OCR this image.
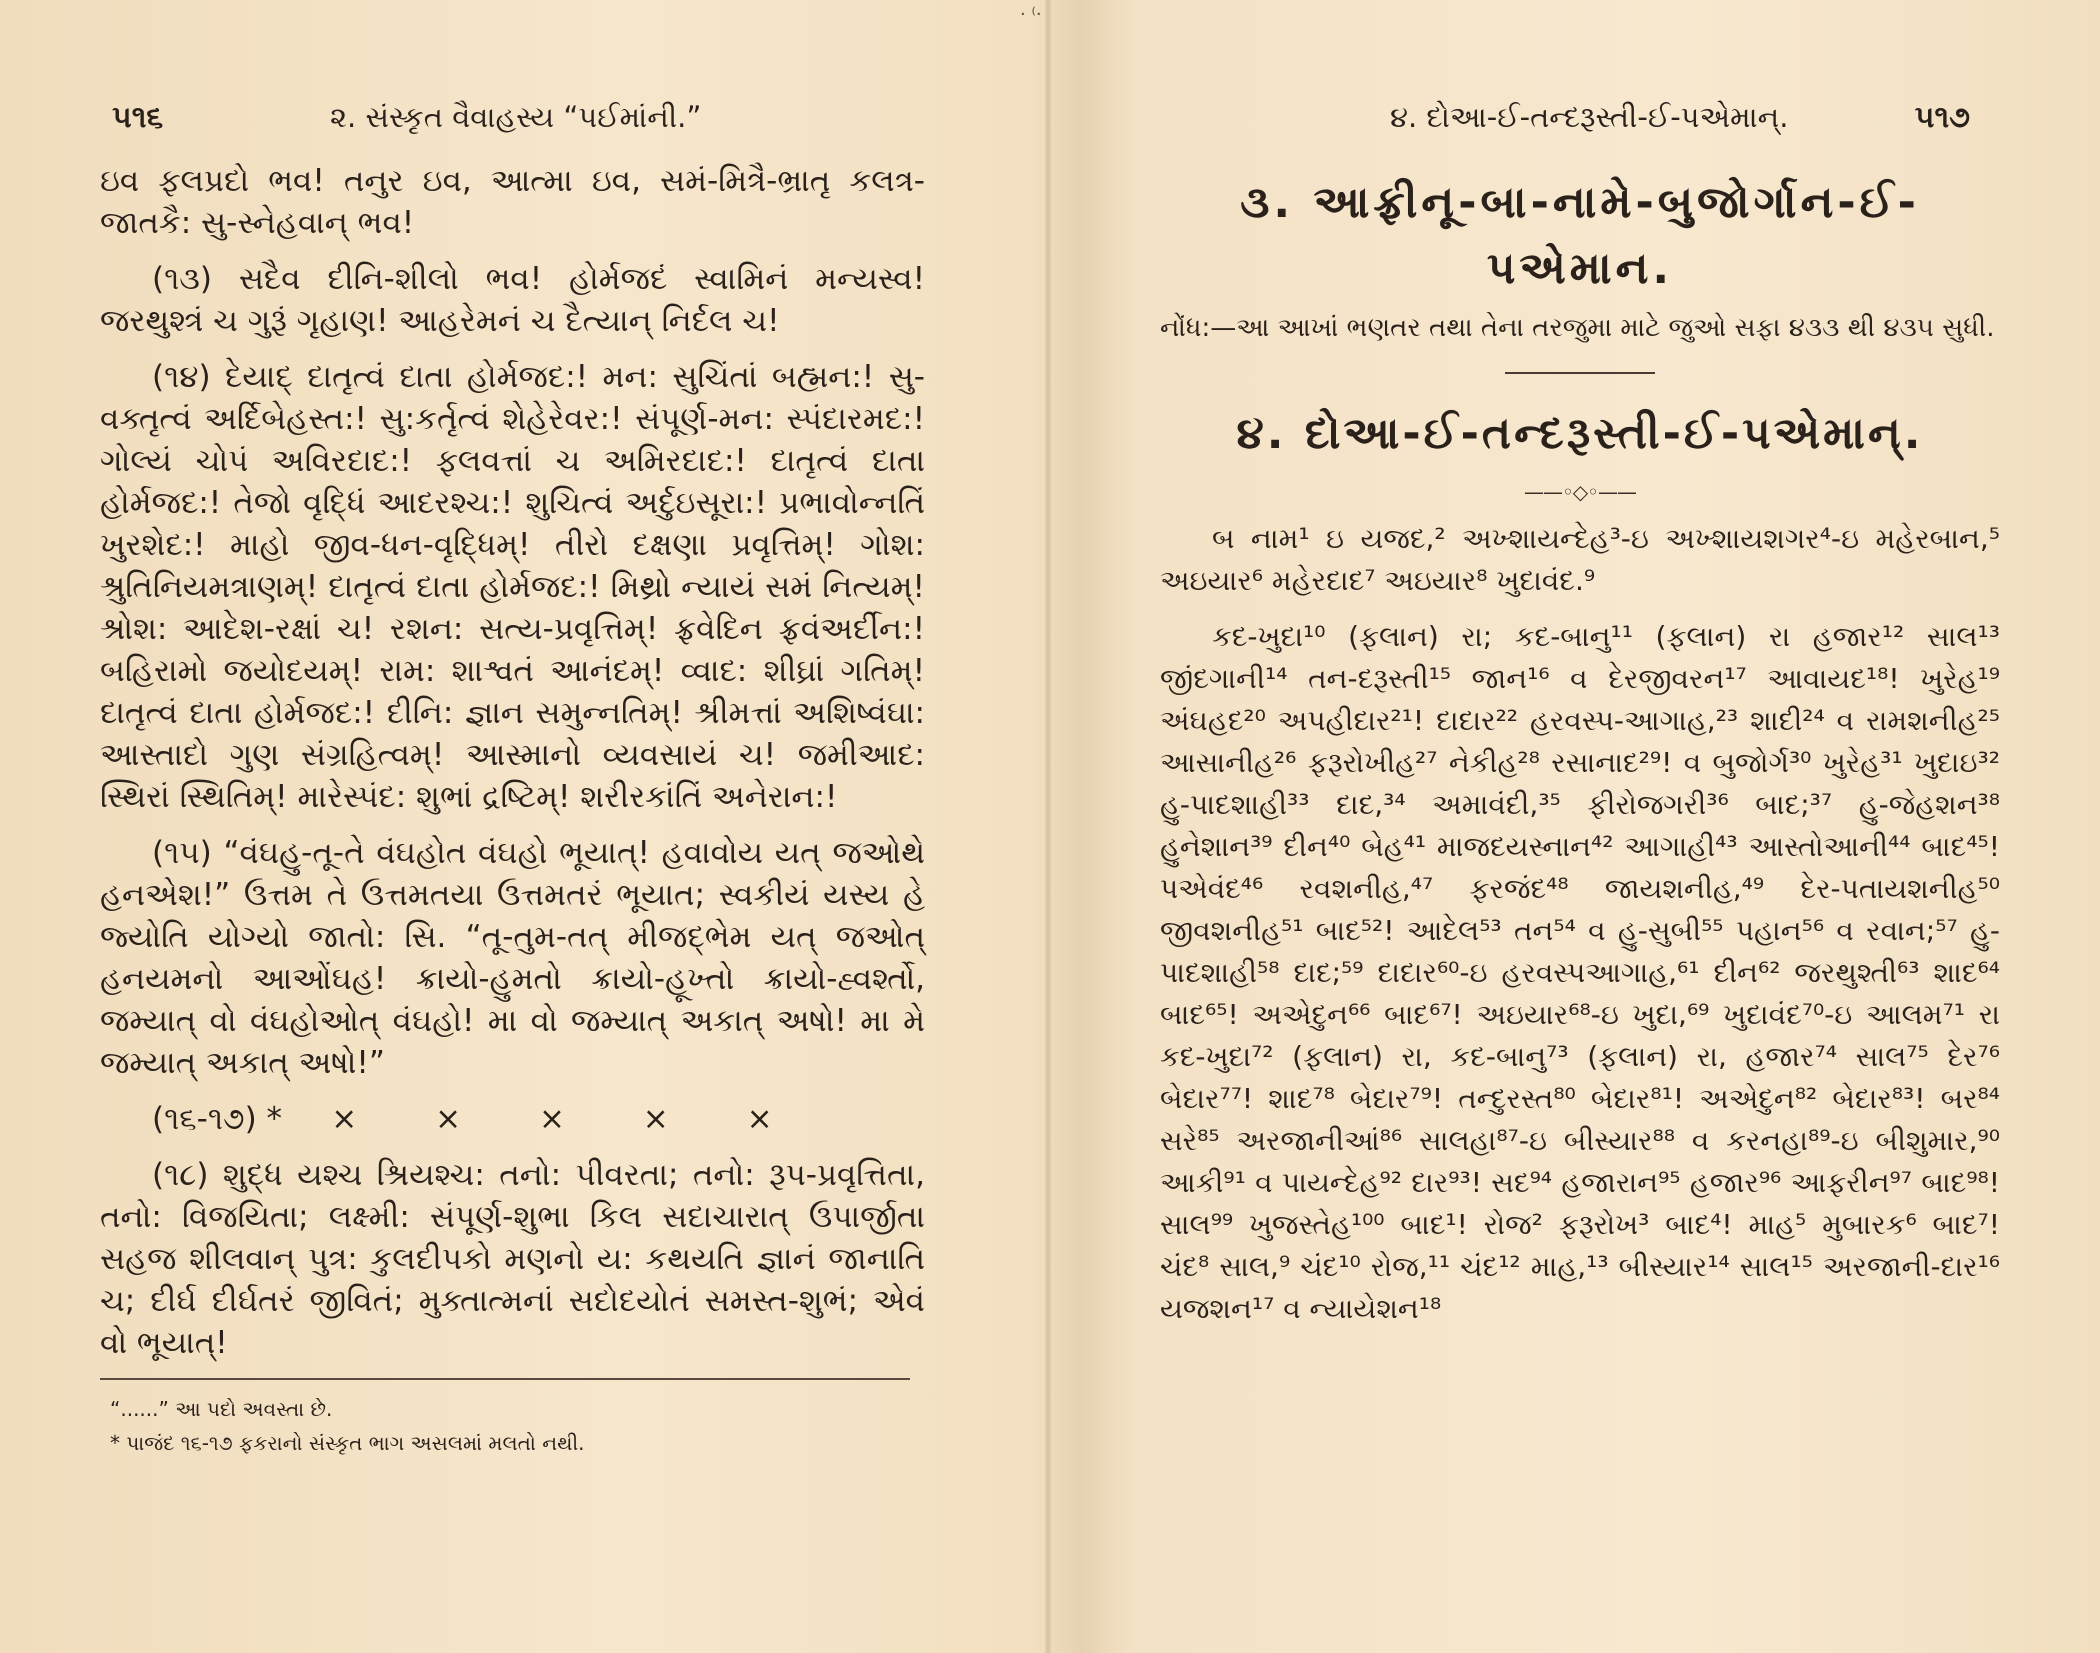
· ⁽·
૫૧૬	૨. સંસ્કૃત વૈવાહસ્ય “પઈમાંની.”

ઇવ ફલપ્રદો ભવ! તનુર ઇવ, આત્મા ઇવ, સમં-મિત્રૈ-ભ્રાતૃ કલત્ર-જાતકૈ: સુ-સ્નેહવાન્ ભવ!

(૧૩) સદૈવ દીનિ-શીલો ભવ! હોર્મજદં સ્વામિનં મન્યસ્વ! જરથુશ્ત્રં ચ ગુરૂં ગૃહાણ! આહરેમનં ચ દૈત્યાન્ નિર્દલ ચ!

(૧૪) દેયાદ્ દાતૃત્વં દાતા હોર્મજદ:! મન: સુચિંતાં બહ્મન:! સુ-વક્તૃત્વં અર્દિબેહસ્ત:! સુ:કર્તૃત્વં શેહેરેવર:! સંપૂર્ણ-મન: સ્પંદારમદ:! ગોલ્યં ચોપં અવિરદાદ:! ફલવત્તાં ચ અમિરદાદ:! દાતૃત્વં દાતા હોર્મજદ:! તેજો વૃદ્ધિં આદરશ્ચ:! શુચિત્વં અર્દુઇસૂરા:! પ્રભાવોન્નતિં ખુરશેદ:! માહો જીવ-ધન-વૃદ્ધિમ્! તીરો દક્ષણા પ્રવૃત્તિમ્! ગોશ: શ્રુતિનિયમત્રાણમ્! દાતૃત્વં દાતા હોર્મજદ:! મિથ્રો ન્યાયં સમં નિત્યમ્! શ્રોશ: આદેશ-રક્ષાં ચ! રશન: સત્ય-પ્રવૃત્તિમ્! ફ્રવેદિન ફ્રવંઅર્દીન:! બહિરામો જયોદયમ્! રામ: શાશ્વતં આનંદમ્! વ્વાદ: શીઘ્રાં ગતિમ્! દાતૃત્વં દાતા હોર્મજદ:! દીનિ: જ્ઞાન સમુન્નતિમ્! શ્રીમત્તાં અશિષ્વંઘા: આસ્તાદો ગુણ સંગ્રહિત્વમ્! આસ્માનો વ્યવસાયં ચ! જમીઆદ: સ્થિરાં સ્થિતિમ્! મારેસ્પંદ: શુભાં દ્રષ્ટિમ્! શરીરકાંતિં અનેરાન:!

(૧૫) “વંઘહુ-તૂ-તે વંઘહોત વંઘહો ભૂયાત્! હવાવોય યત્ જઓથે હનએશ!” ઉત્તમ તે ઉત્તમતયા ઉત્તમતરં ભૂયાત; સ્વકીયં યસ્ય હે જ્યોતિ યોગ્યો જાતો: સિ. “તૂ-તુમ-તત્ મીજદ્ભેમ યત્ જઓત્ હનયમનો આઓંઘહ! ક્રાયો-હુમતો ક્રાયો-હૂખ્તો ક્રાયો-હ્વર્શ્તો, જમ્યાત્ વો વંઘહોઓત્ વંઘહો! મા વો જમ્યાત્ અકાત્ અષો! મા મે જમ્યાત્ અકાત્ અષો!”

(૧૬-૧૭) * × × × × ×

(૧૮) શુદ્ધ યશ્ચ શ્રિયશ્ચ: તનો: પીવરતા; તનો: રૂપ-પ્રવૃત્તિતા, તનો: વિજયિતા; લક્ષ્મી: સંપૂર્ણ-શુભા કિલ સદાચારાત્ ઉપાર્જીતા સહજ શીલવાન્ પુત્ર: કુલદીપકો મણનો ય: કથયતિ જ્ઞાનં જાનાતિ ચ; દીર્ઘ દીર્ઘતરં જીવિતં; મુક્તાત્મનાં સદોદયોતં સમસ્ત-શુભં; એવં વો ભૂયાત્!

“......” આ પદો અવસ્તા છે.
* પાજંદ ૧૬-૧૭ ફકરાનો સંસ્કૃત ભાગ અસલમાં મલતો નથી.
૪. દોઆ-ઈ-તન્દરૂસ્તી-ઈ-પએમાન્.	૫૧૭
૩. આફ્રીનૂ-બા-નામે-બુજોર્ગાન-ઈ-પએમાન.
નોંધ:—આ આખાં ભણતર તથા તેના તરજુમા માટે જુઓ સફા ૪૩૩ થી ૪૩૫ સુધી.
૪. દોઆ-ઈ-તન્દરૂસ્તી-ઈ-પએમાન્.
——◦◇◦——

બ નામ¹ ઇ યજદ,² અખ્શાયન્દેહ³-ઇ અખ્શાયશગર⁴-ઇ મહેરબાન,⁵ અઇયાર⁶ મહેરદાદ⁷ અઇયાર⁸ ખુદાવંદ.⁹

કદ-ખુદા¹⁰ (ફલાન) રા; કદ-બાનુ¹¹ (ફલાન) રા હજાર¹² સાલ¹³ જીંદગાની¹⁴ તન-દરૂસ્તી¹⁵ જાન¹⁶ વ દેરજીવરન¹⁷ આવાયદ¹⁸! ખુરેહ¹⁹ અંઘહદ²⁰ અપહીદાર²¹! દાદાર²² હરવસ્પ-આગાહ,²³ શાદી²⁴ વ રામશનીહ²⁵ આસાનીહ²⁶ ફરૂરોખીહ²⁷ નેકીહ²⁸ રસાનાદ²⁹! વ બુજોર્ગ³⁰ ખુરેહ³¹ ખુદાઇ³² હુ-પાદશાહી³³ દાદ,³⁴ અમાવંદી,³⁵ ફીરોજગરી³⁶ બાદ;³⁷ હુ-જેહશન³⁸ હુનેશાન³⁹ દીન⁴⁰ બેહ⁴¹ માજદયસ્નાન⁴² આગાહી⁴³ આસ્તોઆની⁴⁴ બાદ⁴⁵! પએવંદ⁴⁶ રવશનીહ,⁴⁷ ફરજંદ⁴⁸ જાયશનીહ,⁴⁹ દેર-પતાયશનીહ⁵⁰ જીવશનીહ⁵¹ બાદ⁵²! આદેલ⁵³ તન⁵⁴ વ હુ-સુબી⁵⁵ પહાન⁵⁶ વ રવાન;⁵⁷ હુ-પાદશાહી⁵⁸ દાદ;⁵⁹ દાદાર⁶⁰-ઇ હરવસ્પઆગાહ,⁶¹ દીન⁶² જરથુશ્તી⁶³ શાદ⁶⁴ બાદ⁶⁵! અએદુન⁶⁶ બાદ⁶⁷! અઇયાર⁶⁸-ઇ ખુદા,⁶⁹ ખુદાવંદ⁷⁰-ઇ આલમ⁷¹ રા કદ-ખુદા⁷² (ફલાન) રા, કદ-બાનુ⁷³ (ફલાન) રા, હજાર⁷⁴ સાલ⁷⁵ દેર⁷⁶ બેદાર⁷⁷! શાદ⁷⁸ બેદાર⁷⁹! તન્દુરસ્ત⁸⁰ બેદાર⁸¹! અએદુન⁸² બેદાર⁸³! બર⁸⁴ સરે⁸⁵ અરજાનીઆં⁸⁶ સાલહા⁸⁷-ઇ બીસ્યાર⁸⁸ વ કરનહા⁸⁹-ઇ બીશુમાર,⁹⁰ આકી⁹¹ વ પાયન્દેહ⁹² દાર⁹³! સદ⁹⁴ હજારાન⁹⁵ હજાર⁹⁶ આફરીન⁹⁷ બાદ⁹⁸! સાલ⁹⁹ ખુજસ્તેહ¹⁰⁰ બાદ¹! રોજ² ફરૂરોખ³ બાદ⁴! માહ⁵ મુબારક⁶ બાદ⁷! ચંદ⁸ સાલ,⁹ ચંદ¹⁰ રોજ,¹¹ ચંદ¹² માહ,¹³ બીસ્યાર¹⁴ સાલ¹⁵ અરજાની-દાર¹⁶ યજશન¹⁷ વ ન્યાયેશન¹⁸
